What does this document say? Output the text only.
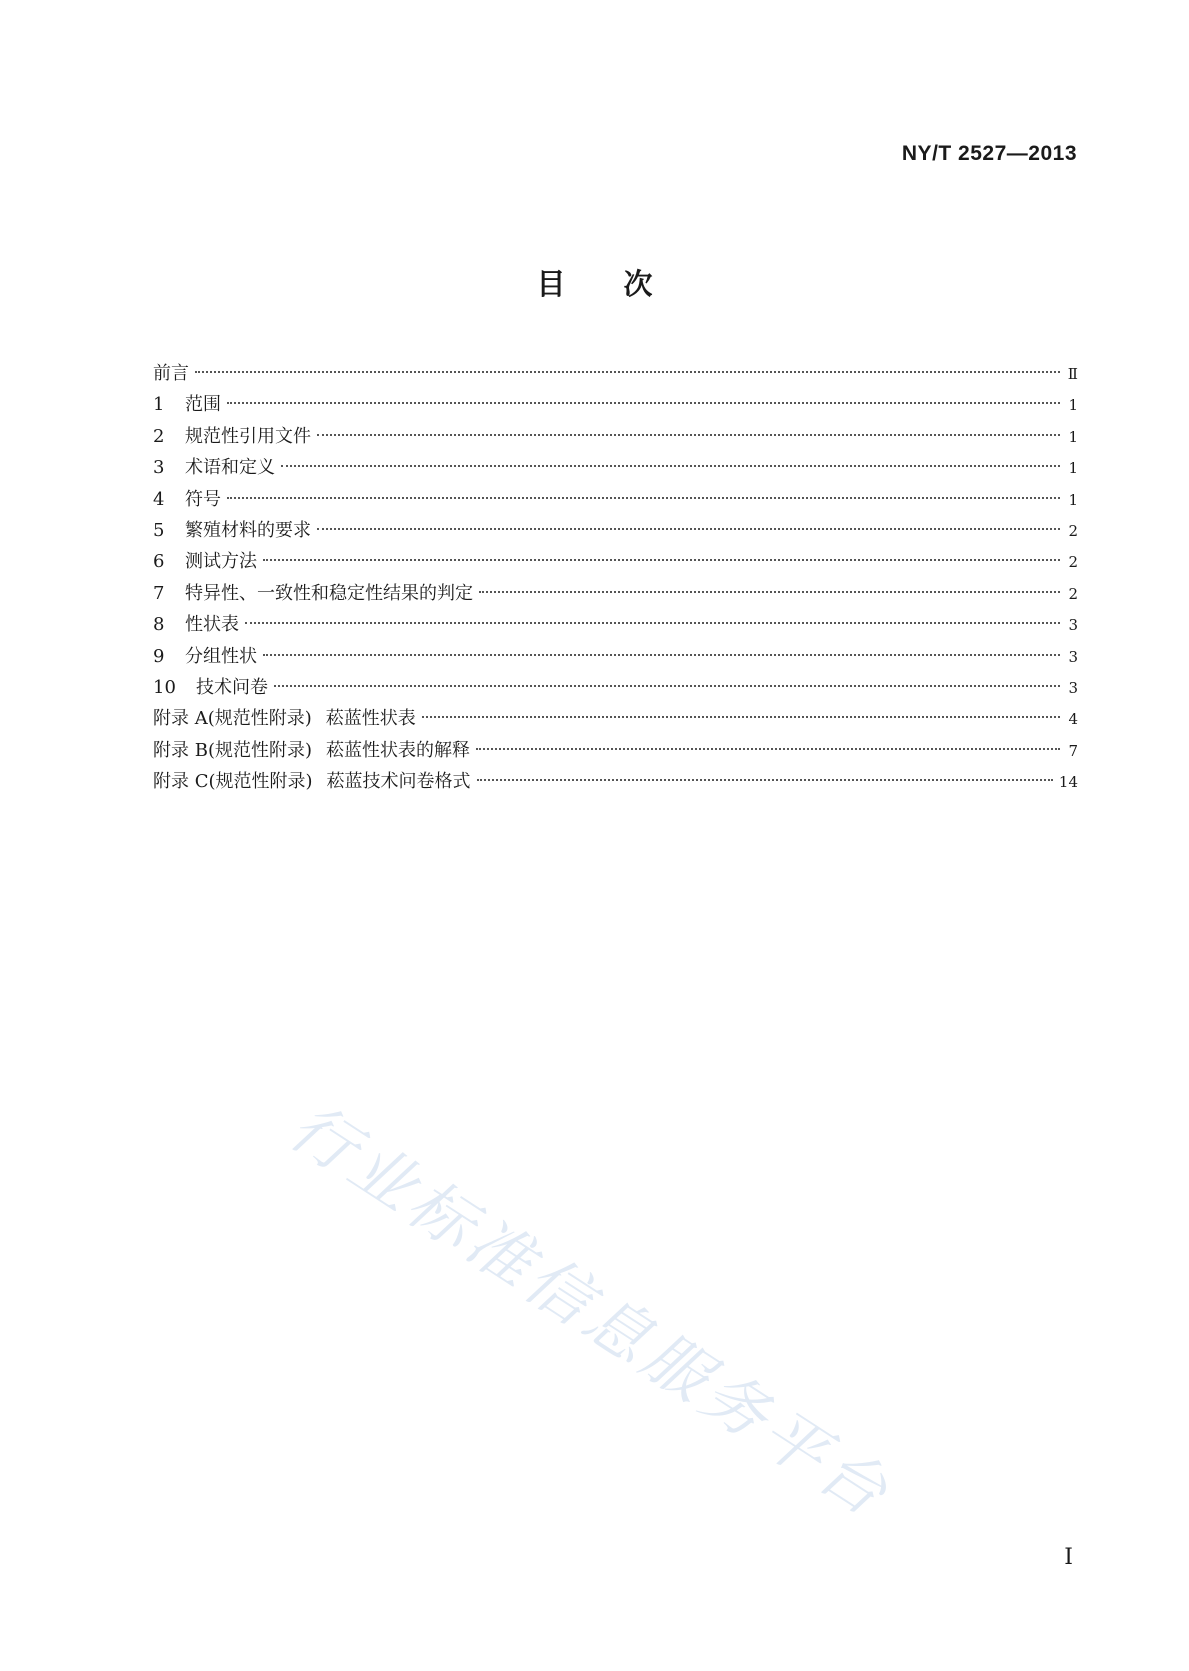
NY/T 2527—2013
目次
前言	Ⅱ
1	范围	1
2	规范性引用文件	1
3	术语和定义	1
4	符号	1
5	繁殖材料的要求	2
6	测试方法	2
7	特异性、一致性和稳定性结果的判定	2
8	性状表	3
9	分组性状	3
10	技术问卷	3
附录 A(规范性附录) 菘蓝性状表	4
附录 B(规范性附录) 菘蓝性状表的解释	7
附录 C(规范性附录) 菘蓝技术问卷格式	14
行业标准信息服务平台
I
